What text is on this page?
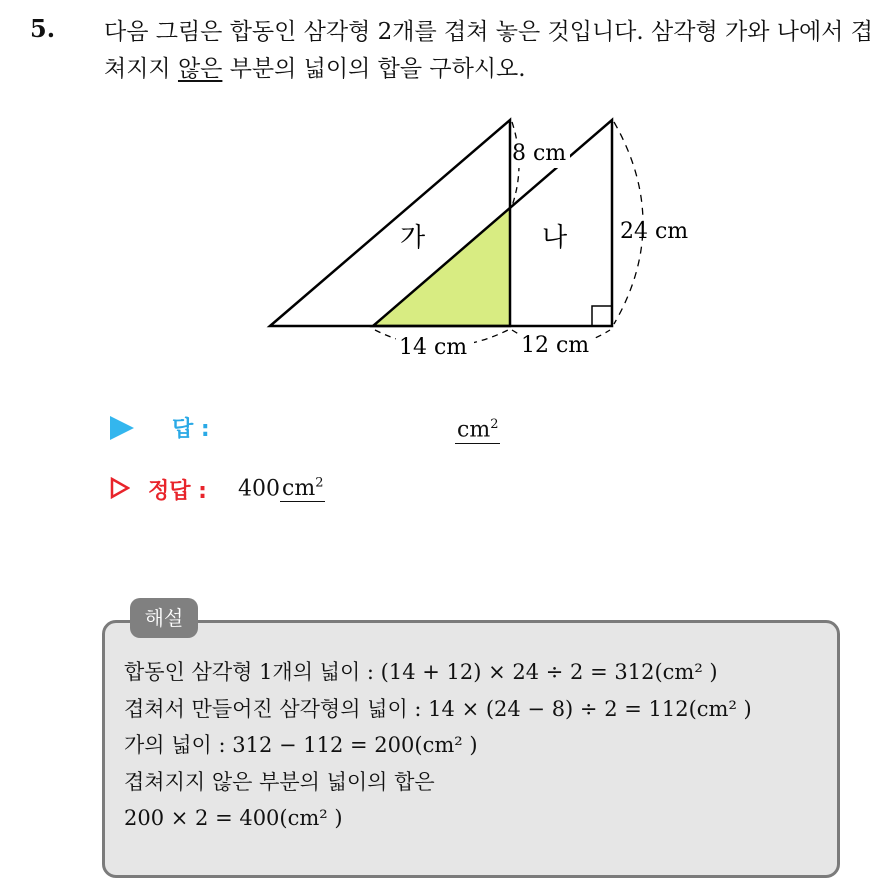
5. 다음 그림은 합동인 삼각형 2개를 겹쳐 놓은 것입니다. 삼각형 가와 나에서 겹쳐지지 않은 부분의 넓이의 합을 구하시오.
가	나
8 cm
24 cm
14 cm 12 cm
답 :	$cm^2$
정답 : $400cm^2$
해설
합동인 삼각형 1개의 넓이 : (14 + 12) × 24 ÷ 2 = 312(cm² )
겹쳐서 만들어진 삼각형의 넓이 : 14 × (24 − 8) ÷ 2 = 112(cm² )
가의 넓이 : 312 − 112 = 200(cm² )
겹쳐지지 않은 부분의 넓이의 합은
200 × 2 = 400(cm² )
